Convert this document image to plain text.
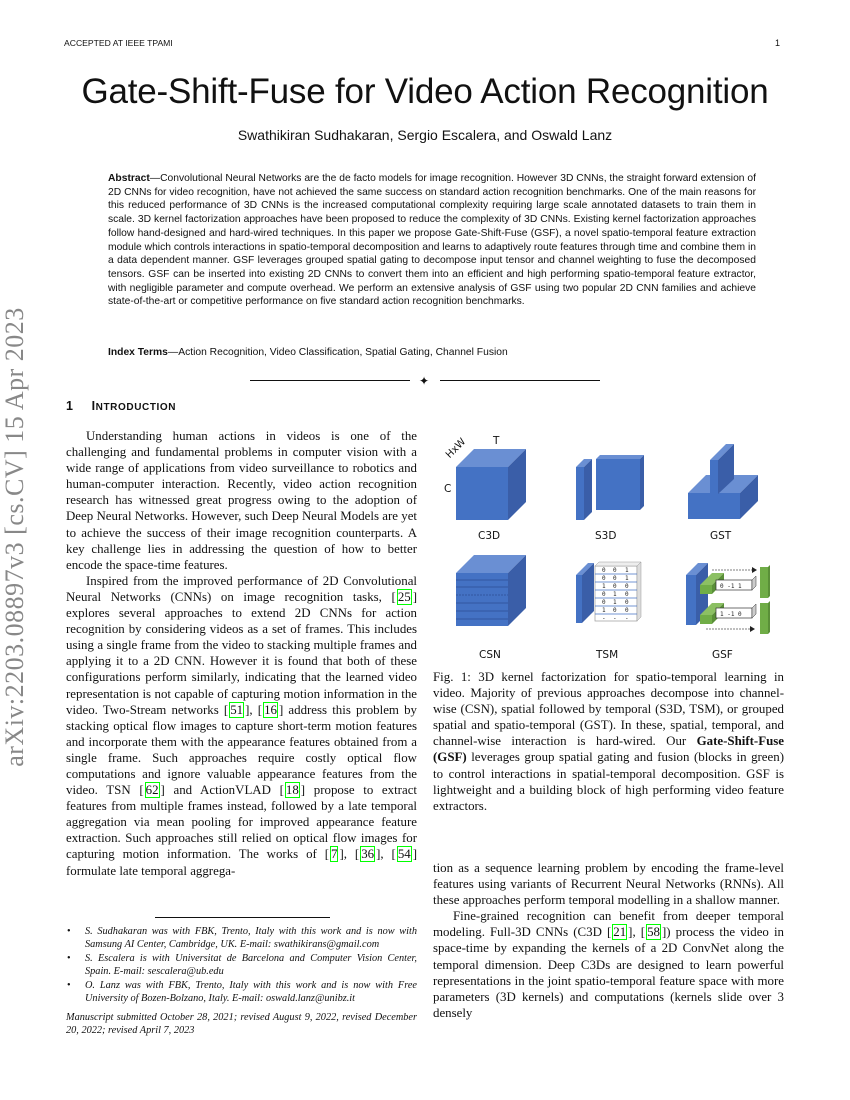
ACCEPTED AT IEEE TPAMI	1
Gate-Shift-Fuse for Video Action Recognition
Swathikiran Sudhakaran, Sergio Escalera, and Oswald Lanz
Abstract—Convolutional Neural Networks are the de facto models for image recognition. However 3D CNNs, the straight forward extension of 2D CNNs for video recognition, have not achieved the same success on standard action recognition benchmarks. One of the main reasons for this reduced performance of 3D CNNs is the increased computational complexity requiring large scale annotated datasets to train them in scale. 3D kernel factorization approaches have been proposed to reduce the complexity of 3D CNNs. Existing kernel factorization approaches follow hand-designed and hard-wired techniques. In this paper we propose Gate-Shift-Fuse (GSF), a novel spatio-temporal feature extraction module which controls interactions in spatio-temporal decomposition and learns to adaptively route features through time and combine them in a data dependent manner. GSF leverages grouped spatial gating to decompose input tensor and channel weighting to fuse the decomposed tensors. GSF can be inserted into existing 2D CNNs to convert them into an efficient and high performing spatio-temporal feature extractor, with negligible parameter and compute overhead. We perform an extensive analysis of GSF using two popular 2D CNN families and achieve state-of-the-art or competitive performance on five standard action recognition benchmarks.
Index Terms—Action Recognition, Video Classification, Spatial Gating, Channel Fusion
✦
arXiv:2203.08897v3 [cs.CV] 15 Apr 2023	1 INTRODUCTION

Understanding human actions in videos is one of the challenging and fundamental problems in computer vision with a wide range of applications from video surveillance to robotics and human-computer interaction. Recently, video action recognition research has witnessed great progress owing to the adoption of Deep Neural Networks. However, such Deep Neural Models are yet to achieve the success of their image recognition counterparts. A key challenge lies in addressing the question of how to better encode the space-time features.

Inspired from the improved performance of 2D Convolutional Neural Networks (CNNs) on image recognition tasks, [ 25 ] explores several approaches to extend 2D CNNs for action recognition by considering videos as a set of frames. This includes using a single frame from the video to stacking multiple frames and applying it to a 2D CNN. However it is found that both of these configurations perform similarly, indicating that the learned video representation is not capable of capturing motion information in the video. Two-Stream networks [ 51 ], [ 16 ] address this problem by stacking optical flow images to capture short-term motion features and incorporate them with the appearance features obtained from a single frame. Such approaches require costly optical flow computations and ignore valuable appearance features from the video. TSN [ 62 ] and ActionVLAD [ 18 ] propose to extract features from multiple frames instead, followed by a late temporal aggregation via mean pooling for improved appearance feature extraction. Such approaches still relied on optical flow images for capturing motion information. The works of [ 7 ], [ 36 ], [ 54 ] formulate late temporal aggrega-

• S. Sudhakaran was with FBK, Trento, Italy with this work and is now with Samsung AI Center, Cambridge, UK. E-mail: swathikirans@gmail.com
• S. Escalera is with Universitat de Barcelona and Computer Vision Center, Spain. E-mail: sescalera@ub.edu
• O. Lanz was with FBK, Trento, Italy with this work and is now with Free University of Bozen-Bolzano, Italy. E-mail: oswald.lanz@unibz.it
Manuscript submitted October 28, 2021; revised August 9, 2022, revised December 20, 2022; revised April 7, 2023
0 0 1
0 0 1
1 0 0
0 1 0
0 1 0
1 0 0
- - -
0 -1 1
1 -1 0
HxW T
C
C3D	S3D	GST
CSN	TSM	GSF
Fig. 1: 3D kernel factorization for spatio-temporal learning in video. Majority of previous approaches decompose into channel-wise (CSN), spatial followed by temporal (S3D, TSM), or grouped spatial and spatio-temporal (GST). In these, spatial, temporal, and channel-wise interaction is hard-wired. Our Gate-Shift-Fuse (GSF) leverages group spatial gating and fusion (blocks in green) to control interactions in spatial-temporal decomposition. GSF is lightweight and a building block of high performing video feature extractors.

tion as a sequence learning problem by encoding the frame-level features using variants of Recurrent Neural Networks (RNNs). All these approaches perform temporal modelling in a shallow manner.

Fine-grained recognition can benefit from deeper temporal modeling. Full-3D CNNs (C3D [ 21 ], [ 58 ]) process the video in space-time by expanding the kernels of a 2D ConvNet along the temporal dimension. Deep C3Ds are designed to learn powerful representations in the joint spatio-temporal feature space with more parameters (3D kernels) and computations (kernels slide over 3 densely
